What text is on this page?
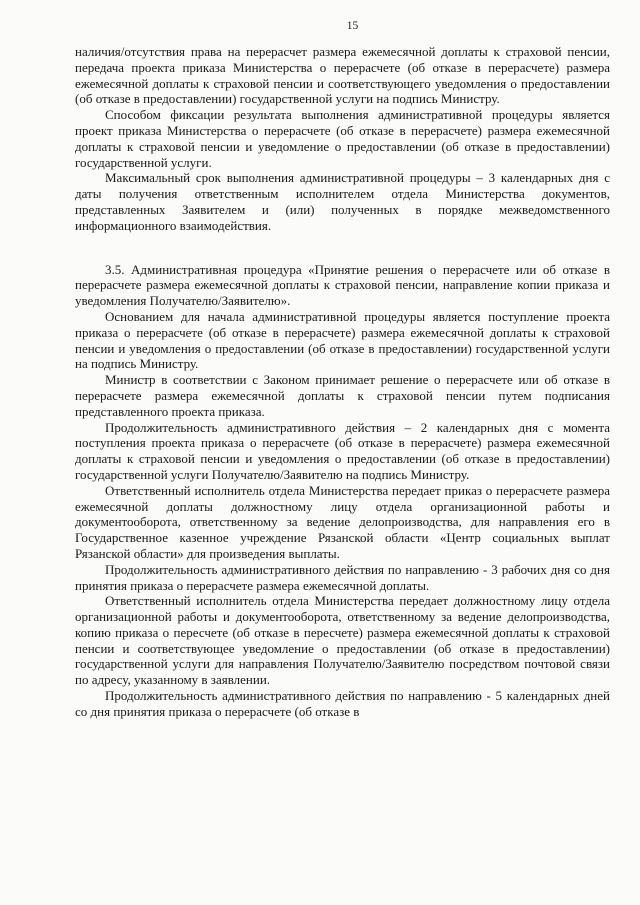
15

наличия/отсутствия права на перерасчет размера ежемесячной доплаты к страховой пенсии, передача проекта приказа Министерства о перерасчете (об отказе в перерасчете) размера ежемесячной доплаты к страховой пенсии и соответствующего уведомления о предоставлении (об отказе в предоставлении) государственной услуги на подпись Министру.

Способом фиксации результата выполнения административной процедуры является проект приказа Министерства о перерасчете (об отказе в перерасчете) размера ежемесячной доплаты к страховой пенсии и уведомление о предоставлении (об отказе в предоставлении) государственной услуги.

Максимальный срок выполнения административной процедуры – 3 календарных дня с даты получения ответственным исполнителем отдела Министерства документов, представленных Заявителем и (или) полученных в порядке межведомственного информационного взаимодействия.

3.5. Административная процедура «Принятие решения о перерасчете или об отказе в перерасчете размера ежемесячной доплаты к страховой пенсии, направление копии приказа и уведомления Получателю/Заявителю».

Основанием для начала административной процедуры является поступление проекта приказа о перерасчете (об отказе в перерасчете) размера ежемесячной доплаты к страховой пенсии и уведомления о предоставлении (об отказе в предоставлении) государственной услуги на подпись Министру.

Министр в соответствии с Законом принимает решение о перерасчете или об отказе в перерасчете размера ежемесячной доплаты к страховой пенсии путем подписания представленного проекта приказа.

Продолжительность административного действия – 2 календарных дня с момента поступления проекта приказа о перерасчете (об отказе в перерасчете) размера ежемесячной доплаты к страховой пенсии и уведомления о предоставлении (об отказе в предоставлении) государственной услуги Получателю/Заявителю на подпись Министру.

Ответственный исполнитель отдела Министерства передает приказ о перерасчете размера ежемесячной доплаты должностному лицу отдела организационной работы и документооборота, ответственному за ведение делопроизводства, для направления его в Государственное казенное учреждение Рязанской области «Центр социальных выплат Рязанской области» для произведения выплаты.

Продолжительность административного действия по направлению - 3 рабочих дня со дня принятия приказа о перерасчете размера ежемесячной доплаты.

Ответственный исполнитель отдела Министерства передает должностному лицу отдела организационной работы и документооборота, ответственному за ведение делопроизводства, копию приказа о пересчете (об отказе в пересчете) размера ежемесячной доплаты к страховой пенсии и соответствующее уведомление о предоставлении (об отказе в предоставлении) государственной услуги для направления Получателю/Заявителю посредством почтовой связи по адресу, указанному в заявлении.

Продолжительность административного действия по направлению - 5 календарных дней со дня принятия приказа о перерасчете (об отказе в
